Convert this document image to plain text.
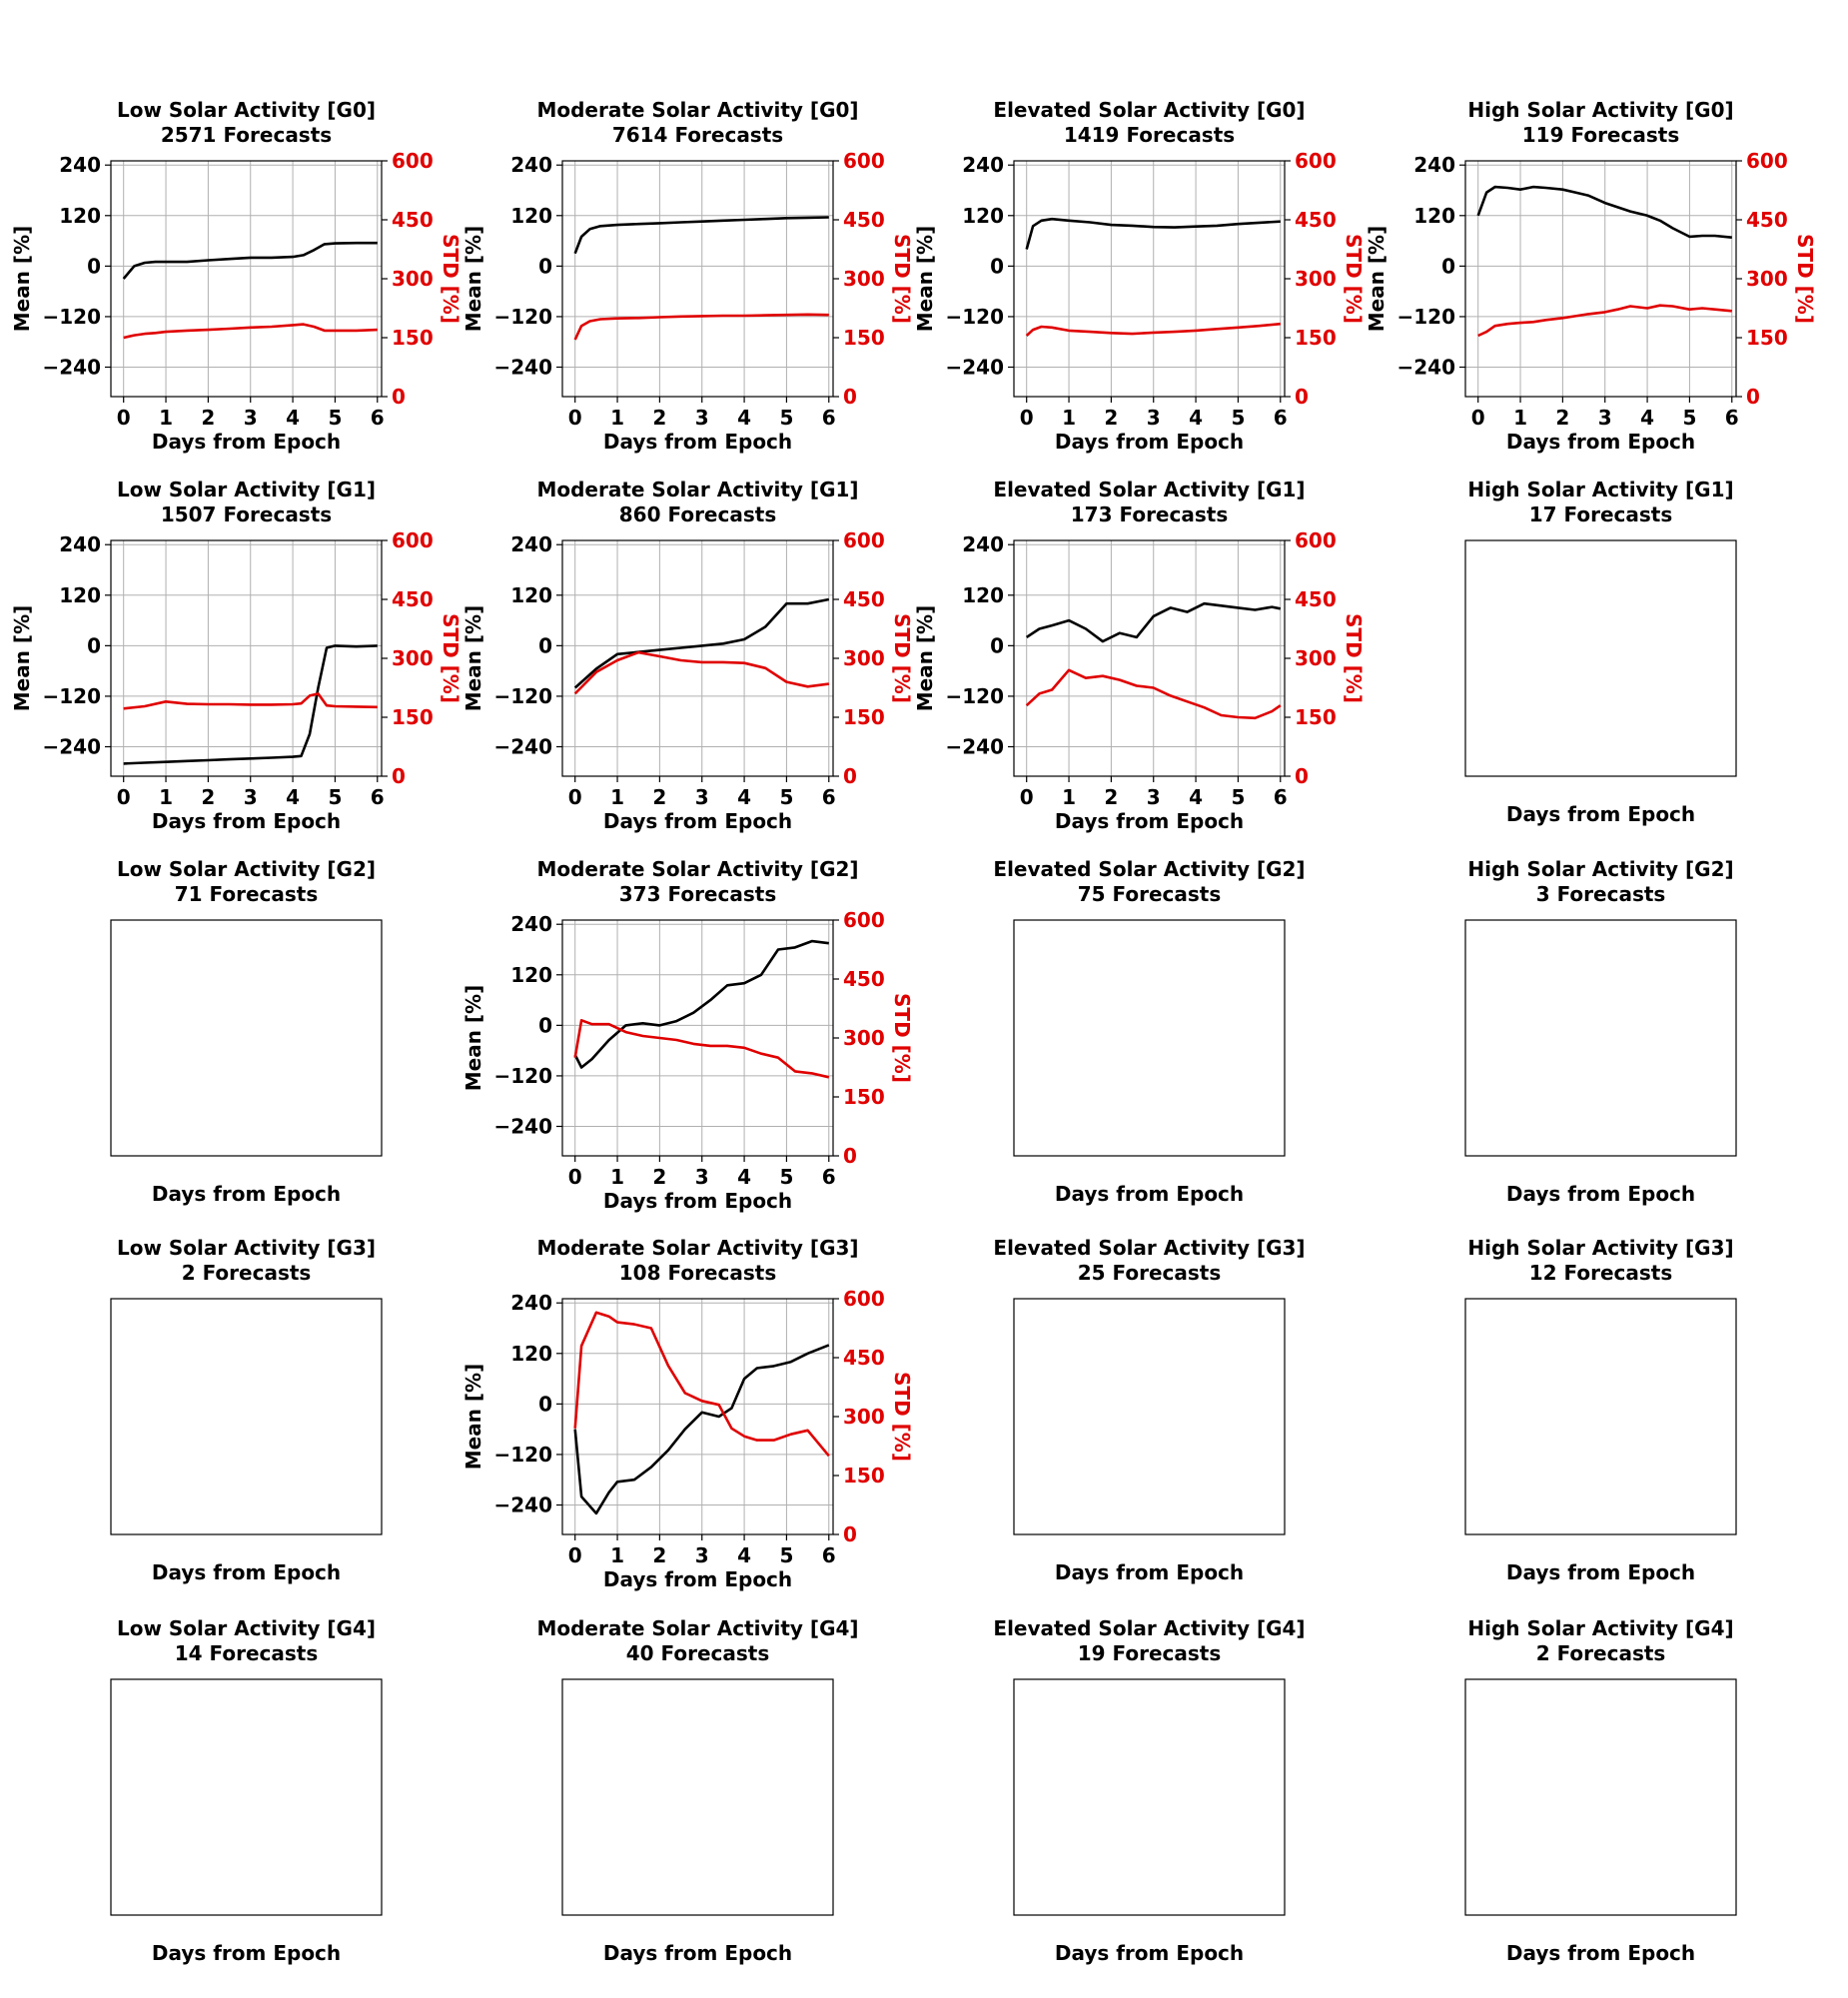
Low Solar Activity [G0]
2571 Forecasts
0 1 2 3 4 5 6
−240
−120
0
120
240
0
150
300
450
600
Days from Epoch
Mean [%]	STD [%]
Moderate Solar Activity [G0]
7614 Forecasts
0 1 2 3 4 5 6
−240
−120
0
120
240
0
150
300
450
600
Days from Epoch
Mean [%]	STD [%]
Elevated Solar Activity [G0]
1419 Forecasts
0 1 2 3 4 5 6
−240
−120
0
120
240
0
150
300
450
600
Days from Epoch
Mean [%]	STD [%]
High Solar Activity [G0]
119 Forecasts
0 1 2 3 4 5 6
−240
−120
0
120
240
0
150
300
450
600
Days from Epoch
Mean [%]	STD [%]
Low Solar Activity [G1]
1507 Forecasts
0 1 2 3 4 5 6
−240
−120
0
120
240
0
150
300
450
600
Days from Epoch
Mean [%]	STD [%]
Moderate Solar Activity [G1]
860 Forecasts
0 1 2 3 4 5 6
−240
−120
0
120
240
0
150
300
450
600
Days from Epoch
Mean [%]	STD [%]
Elevated Solar Activity [G1]
173 Forecasts
0 1 2 3 4 5 6
−240
−120
0
120
240
0
150
300
450
600
Days from Epoch
Mean [%]	STD [%]
High Solar Activity [G1]
17 Forecasts
Days from Epoch
Low Solar Activity [G2]
71 Forecasts
Days from Epoch
Moderate Solar Activity [G2]
373 Forecasts
0 1 2 3 4 5 6
−240
−120
0
120
240
0
150
300
450
600
Days from Epoch
Mean [%]	STD [%]
Elevated Solar Activity [G2]
75 Forecasts
Days from Epoch
High Solar Activity [G2]
3 Forecasts
Days from Epoch
Low Solar Activity [G3]
2 Forecasts
Days from Epoch
Moderate Solar Activity [G3]
108 Forecasts
0 1 2 3 4 5 6
−240
−120
0
120
240
0
150
300
450
600
Days from Epoch
Mean [%]	STD [%]
Elevated Solar Activity [G3]
25 Forecasts
Days from Epoch
High Solar Activity [G3]
12 Forecasts
Days from Epoch
Low Solar Activity [G4]
14 Forecasts
Days from Epoch
Moderate Solar Activity [G4]
40 Forecasts
Days from Epoch
Elevated Solar Activity [G4]
19 Forecasts
Days from Epoch
High Solar Activity [G4]
2 Forecasts
Days from Epoch
